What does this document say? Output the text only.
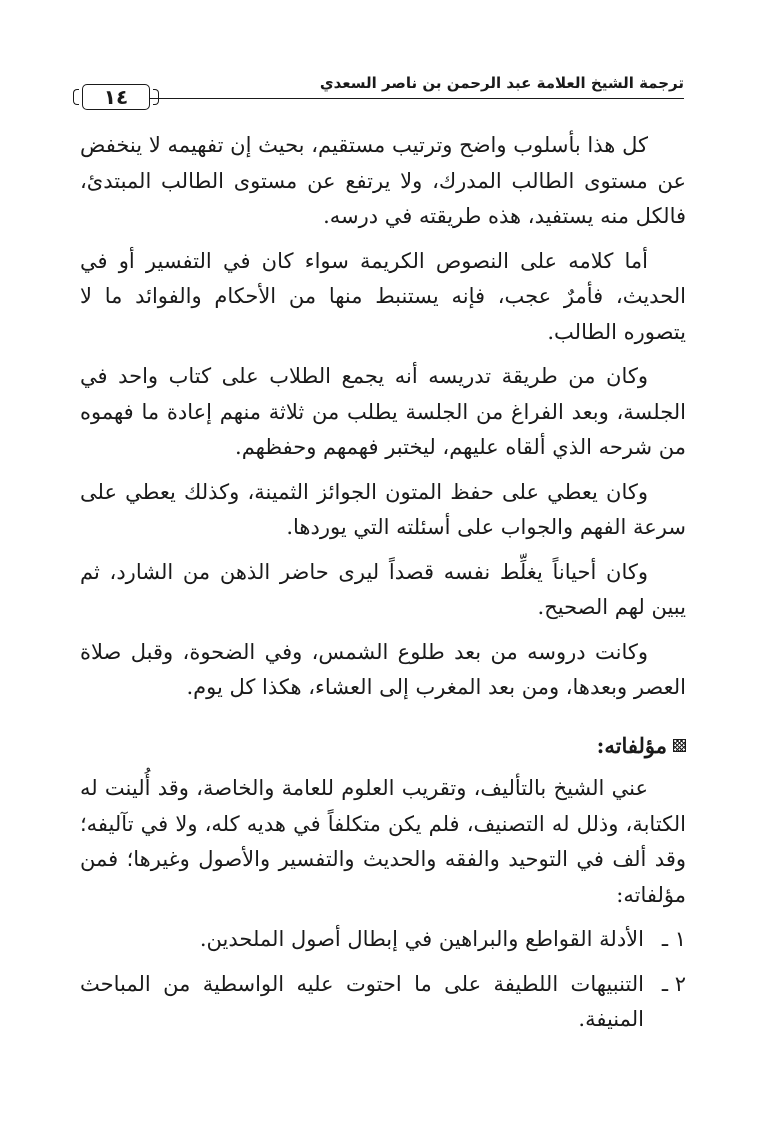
ترجمة الشيخ العلامة عبد الرحمن بن ناصر السعدي
١٤

كل هذا بأسلوب واضح وترتيب مستقيم، بحيث إن تفهيمه لا ينخفض عن مستوى الطالب المدرك، ولا يرتفع عن مستوى الطالب المبتدئ، فالكل منه يستفيد، هذه طريقته في درسه.

أما كلامه على النصوص الكريمة سواء كان في التفسير أو في الحديث، فأمرٌ عجب، فإنه يستنبط منها من الأحكام والفوائد ما لا يتصوره الطالب.

وكان من طريقة تدريسه أنه يجمع الطلاب على كتاب واحد في الجلسة، وبعد الفراغ من الجلسة يطلب من ثلاثة منهم إعادة ما فهموه من شرحه الذي ألقاه عليهم، ليختبر فهمهم وحفظهم.

وكان يعطي على حفظ المتون الجوائز الثمينة، وكذلك يعطي على سرعة الفهم والجواب على أسئلته التي يوردها.

وكان أحياناً يغلِّط نفسه قصداً ليرى حاضر الذهن من الشارد، ثم يبين لهم الصحيح.

وكانت دروسه من بعد طلوع الشمس، وفي الضحوة، وقبل صلاة العصر وبعدها، ومن بعد المغرب إلى العشاء، هكذا كل يوم.

مؤلفاته:

عني الشيخ بالتأليف، وتقريب العلوم للعامة والخاصة، وقد أُلينت له الكتابة، وذلل له التصنيف، فلم يكن متكلفاً في هديه كله، ولا في تآليفه؛ وقد ألف في التوحيد والفقه والحديث والتفسير والأصول وغيرها؛ فمن مؤلفاته:

١ ـ
الأدلة القواطع والبراهين في إبطال أصول الملحدين.
٢ ـ
التنبيهات اللطيفة على ما احتوت عليه الواسطية من المباحث المنيفة.
